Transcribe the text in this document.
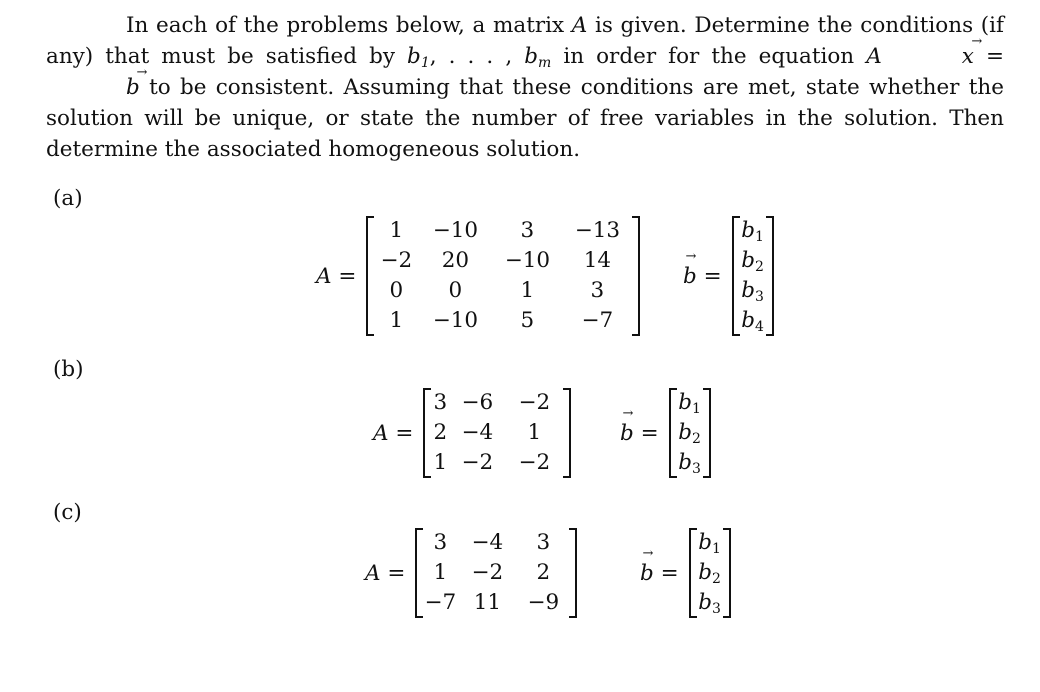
In each of the problems below, a matrix A is given. Determine the conditions (if any) that must be satisfied by $b_1$, . . . , $b_m$ in order for the equation A→	x = → b to be consistent. Assuming that these conditions are met, state whether the solution will be unique, or state the number of free variables in the solution. Then determine the associated homogeneous solution.

(a)
A =
1 −10 3 −13
−2 20 −10 14
0 0	1	3
1 −10 5 −7
→ b =
$b_1$
$b_2$
$b_3$
$b_4$
(b)
A =
3 −6 −2
2 −4 1
1 −2 −2
→ b =
$b_1$
$b_2$
$b_3$
(c)
A =
3 −4 3
1 −2 2
−7 11 −9
→ b =
$b_1$
$b_2$
$b_3$
